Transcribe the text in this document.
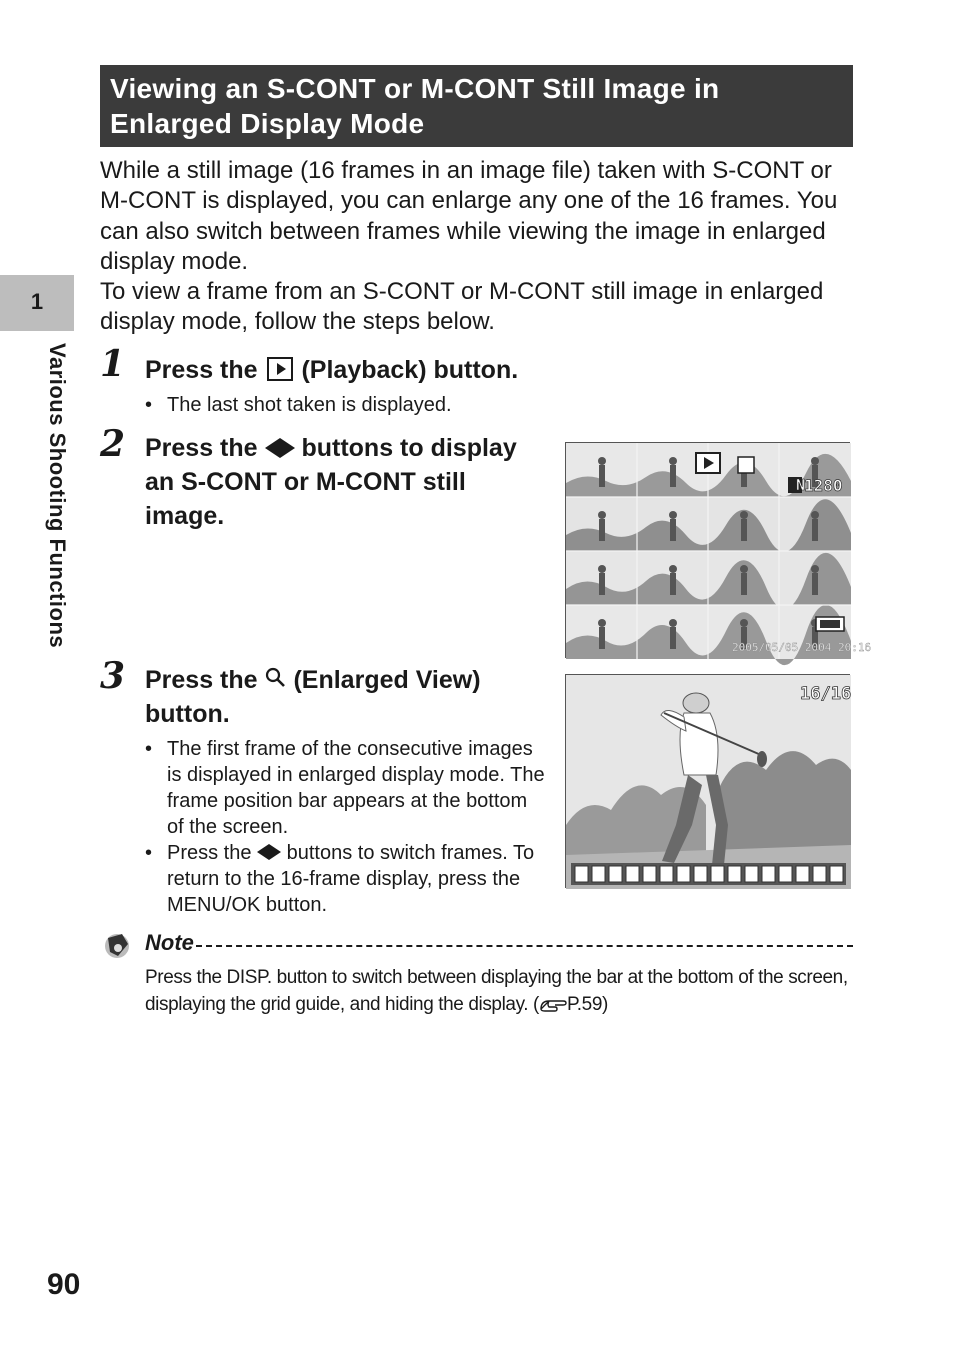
1
Various Shooting Functions
Viewing an S-CONT or M-CONT Still Image in
Enlarged Display Mode

While a still image (16 frames in an image file) taken with S-CONT or M-CONT is displayed, you can enlarge any one of the 16 frames. You can also switch between frames while viewing the image in enlarged display mode.

To view a frame from an S-CONT or M-CONT still image in enlarged display mode, follow the steps below.

1 Press the (Playback) button.
• The last shot taken is displayed.
2 Press the buttons to display an S-CONT or M-CONT still image.
N
1280
2005/05/05 2004 20:16
3 Press the (Enlarged View) button.
• The first frame of the consecutive images is displayed in enlarged display mode. The frame position bar appears at the bottom of the screen.
• Press the buttons to switch frames. To return to the 16-frame display, press the MENU/OK button.
16/16
Note
Press the DISP. button to switch between displaying the bar at the bottom of the screen, displaying the grid guide, and hiding the display. ( P.59)
90
